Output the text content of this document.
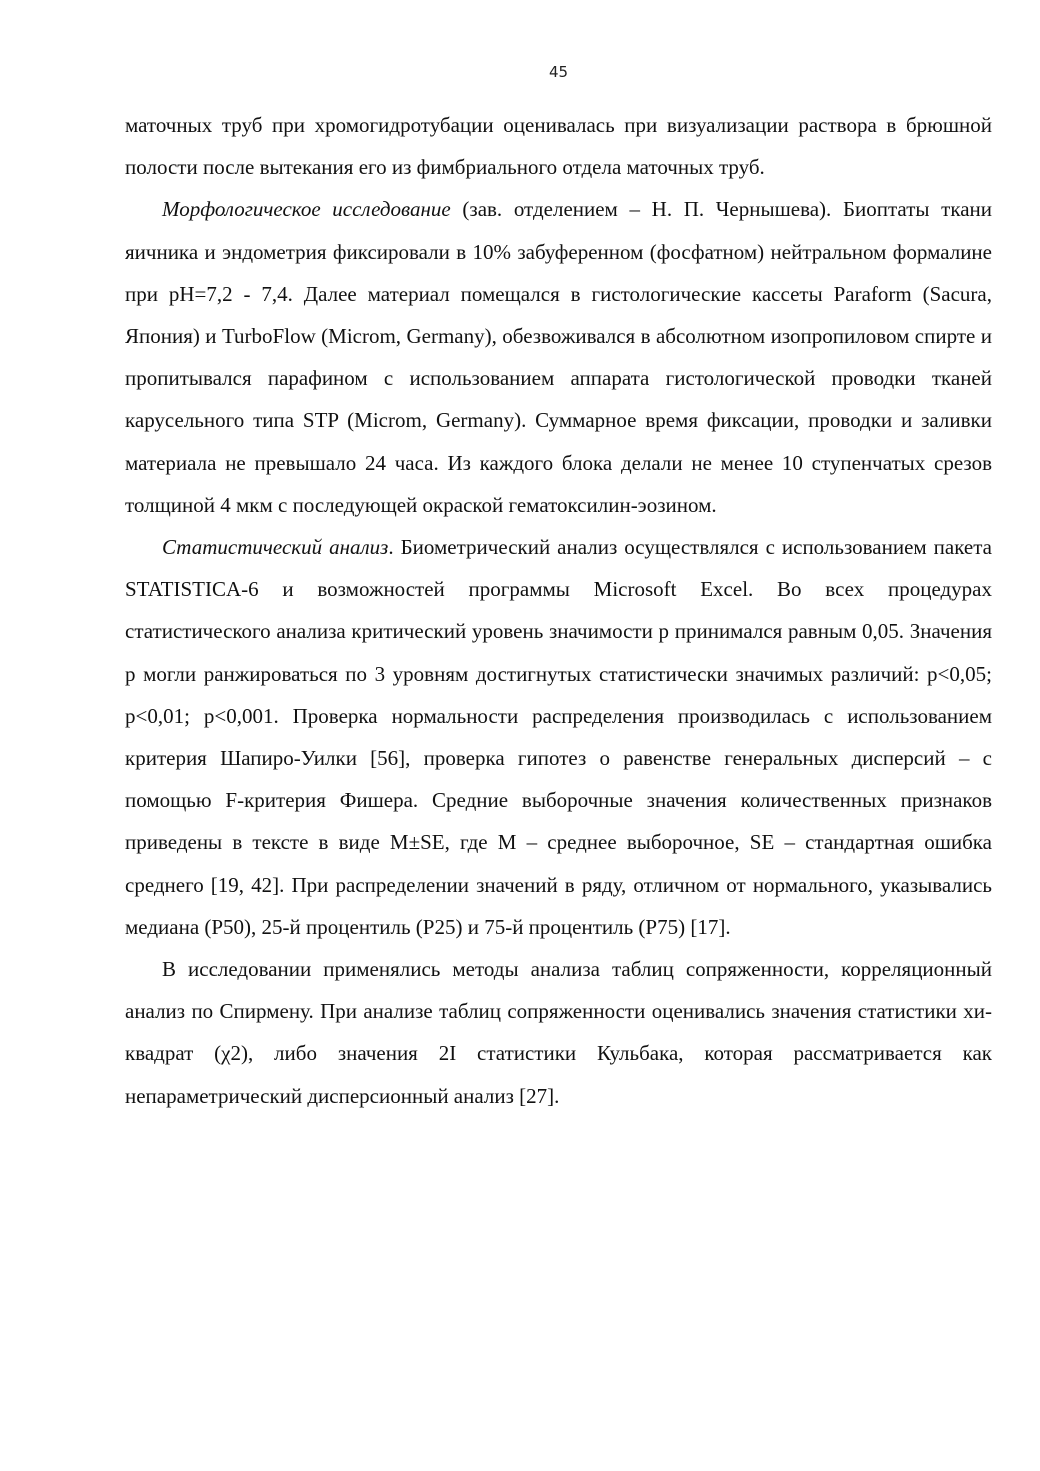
45

маточных труб при хромогидротубации оценивалась при визуализации раствора в брюшной полости после вытекания его из фимбриального отдела маточных труб.

Морфологическое исследование (зав. отделением – Н. П. Чернышева). Биоптаты ткани яичника и эндометрия фиксировали в 10% забуференном (фосфатном) нейтральном формалине при pH=7,2 - 7,4. Далее материал помещался в гистологические кассеты Paraform (Sacura, Япония) и TurboFlow (Microm, Germany), обезвоживался в абсолютном изопропиловом спирте и пропитывался парафином с использованием аппарата гистологической проводки тканей карусельного типа STP (Microm, Germany). Суммарное время фиксации, проводки и заливки материала не превышало 24 часа. Из каждого блока делали не менее 10 ступенчатых срезов толщиной 4 мкм с последующей окраской гематоксилин-эозином.

Статистический анализ. Биометрический анализ осуществлялся с использованием пакета STATISTICA-6 и возможностей программы Microsoft Excel. Во всех процедурах статистического анализа критический уровень значимости р принимался равным 0,05. Значения р могли ранжироваться по 3 уровням достигнутых статистически значимых различий: р<0,05; р<0,01; р<0,001. Проверка нормальности распределения производилась с использованием критерия Шапиро-Уилки [56], проверка гипотез о равенстве генеральных дисперсий – с помощью F-критерия Фишера. Средние выборочные значения количественных признаков приведены в тексте в виде M±SE, где M – среднее выборочное, SE – стандартная ошибка среднего [19, 42]. При распределении значений в ряду, отличном от нормального, указывались медиана (Р50), 25-й процентиль (Р25) и 75-й процентиль (Р75) [17].

В исследовании применялись методы анализа таблиц сопряженности, корреляционный анализ по Спирмену. При анализе таблиц сопряженности оценивались значения статистики хи-квадрат (χ2), либо значения 2I статистики Кульбака, которая рассматривается как непараметрический дисперсионный анализ [27].
